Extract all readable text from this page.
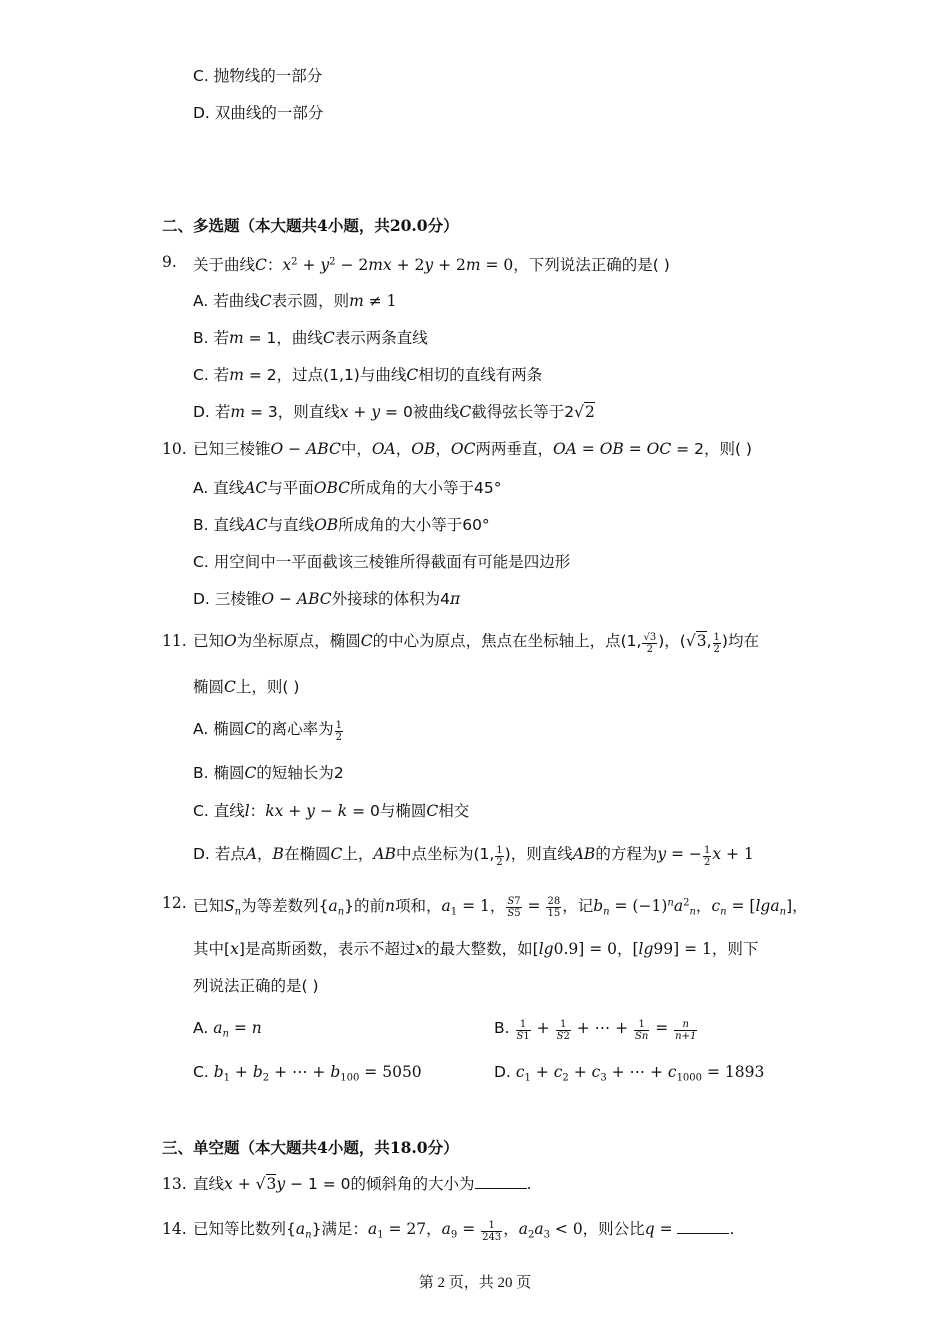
C. 抛物线的一部分
D. 双曲线的一部分
二、多选题（本大题共4小题，共20.0分）
9.	关于曲线C：$x^2 + y^2 - 2mx + 2y + 2m = 0$，下列说法正确的是( )
A. 若曲线C表示圆，则m ≠ 1
B. 若m = 1，曲线C表示两条直线
C. 若m = 2，过点(1,1)与曲线C相切的直线有两条
D. 若m = 3，则直线x + y = 0被曲线C截得弦长等于2√2
10. 已知三棱锥O − ABC中，OA，OB，OC两两垂直，OA = OB = OC = 2，则( )
A. 直线AC与平面OBC所成角的大小等于45°
B. 直线AC与直线OB所成角的大小等于60°
C. 用空间中一平面截该三棱锥所得截面有可能是四边形
D. 三棱锥O − ABC外接球的体积为4π
11. 已知O为坐标原点，椭圆C的中心为原点，焦点在坐标轴上，点(1, $\frac{√3}{2}$ )，(√3, $\frac{1}{2}$ )均在
椭圆C上，则( )
A. 椭圆C的离心率为 $\frac{1}{2}$
B. 椭圆C的短轴长为2
C. 直线l：kx + y − k = 0与椭圆C相交
D. 若点A，B在椭圆C上，AB中点坐标为(1, $\frac{1}{2}$ )，则直线AB的方程为y = − $\frac{1}{2}$ x + 1
12. 已知$S_n$为等差数列$\{a_n\}$的前n项和，$a_1 = 1$， $\frac{S7}{S5} = \frac{28}{15}$ ，记$b_n = (-1)^na^2_n$，$c_n = [\lg a_n]$，
其中[x]是高斯函数，表示不超过x的最大整数，如[lg0.9] = 0，[lg99] = 1，则下
列说法正确的是( )
A. $a_n = n$	B. $\frac{1}{S1} + \frac{1}{S2}$ + ⋯ + $\frac{1}{Sn} = \frac{n}{n+1}$
C. $b_1 + b_2$ + ⋯ + $b_{100} = 5050$	D. $c_1 + c_2 + c_3$ + ⋯ + $c_{1000} = 1893$
三、单空题（本大题共4小题，共18.0分）
13. 直线x + √3y − 1 = 0的倾斜角的大小为	.
14. 已知等比数列$\{a_n\}$满足：$a_1 = 27$，$a_9 = \frac{1}{243}$ ，$a_2a_3 < 0$，则公比q =	.
第 2 页，共 20 页
